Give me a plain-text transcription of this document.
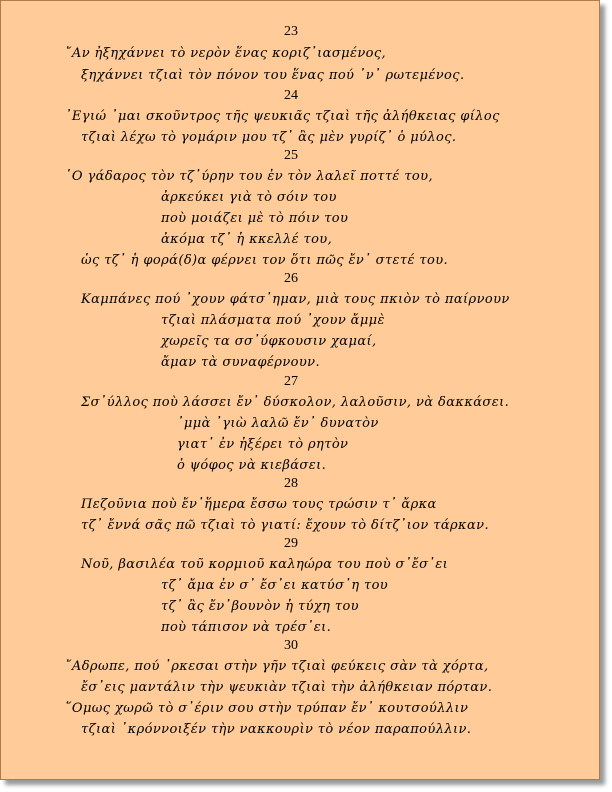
23
῎Αν ἠξηχάννει τὸ νερὸν ἕνας κοριζ᾽ιασμένος,
ξηχάννει τζιαὶ τὸν πόνον του ἕνας πού ᾽ν᾽ ρωτεμένος.
24
᾽Εγιώ ᾽μαι σκοῦντρος τῆς ψευκιᾶς τζιαὶ τῆς ἀλήθκειας φίλος
τζιαὶ λέχω τὸ γομάριν μου τζ᾽ ἂς μὲν γυρίζ᾽ ὁ μύλος.
25
῾Ο γάδαρος τὸν τζ᾽ύρην του ἐν τὸν λαλεῖ ποττέ του,
ἀρκεύκει γιὰ τὸ σόιν του
ποὺ μοιάζει μὲ τὸ πόιν του
ἀκόμα τζ᾽ ἡ κκελλέ του,
ὡς τζ᾽ ἡ φορά(δ)α φέρνει τον ὅτι πῶς ἔν᾽ στετέ του.
26
Καμπάνες πού ᾽χουν φάτσ᾽ημαν, μιὰ τους πκιὸν τὸ παίρνουν
τζιαὶ πλάσματα πού ᾽χουν ἄμμὲ
χωρεῖς τα σσ᾽ύφκουσιν χαμαί,
ἄμαν τὰ συναφέρνουν.
27
Σσ᾽ύλλος ποὺ λάσσει ἔν᾽ δύσκολον, λαλοῦσιν, νὰ δακκάσει.
᾽μμὰ ᾽γιὼ λαλῶ ἔν᾽ δυνατὸν
γιατ᾽ ἐν ἠξέρει τὸ ρητὸν
ὁ ψόφος νὰ κιεβάσει.
28
Πεζοῦνια ποὺ ἔν᾽ἥμερα ἔσσω τους τρώσιν τ᾽ ἄρκα
τζ᾽ ἔννά σᾶς πῶ τζιαὶ τὸ γιατί: ἔχουν τὸ δίτζ᾽ιον τάρκαν.
29
Νοῦ, βασιλέα τοῦ κορμιοῦ καληώρα του ποὺ σ᾽ἔσ᾽ει
τζ᾽ ἄμα ἐν σ᾽ ἔσ᾽ει κατύσ᾽η του
τζ᾽ ἂς ἔν᾽βουνὸν ἡ τύχη του
ποὺ τάπισον νὰ τρέσ᾽ει.
30
῎Αδρωπε, πού ᾽ρκεσαι στὴν γῆν τζιαὶ φεύκεις σὰν τὰ χόρτα,
ἔσ᾽εις μαντάλιν τὴν ψευκιὰν τζιαὶ τὴν ἀλήθκειαν πόρταν.
῞Ομως χωρῶ τὸ σ᾽έριν σου στὴν τρύπαν ἔν᾽ κουτσούλλιν
τζιαὶ ᾽κρόννοιξέν τὴν νακκουρὶν τὸ νέον παραπούλλιν.
